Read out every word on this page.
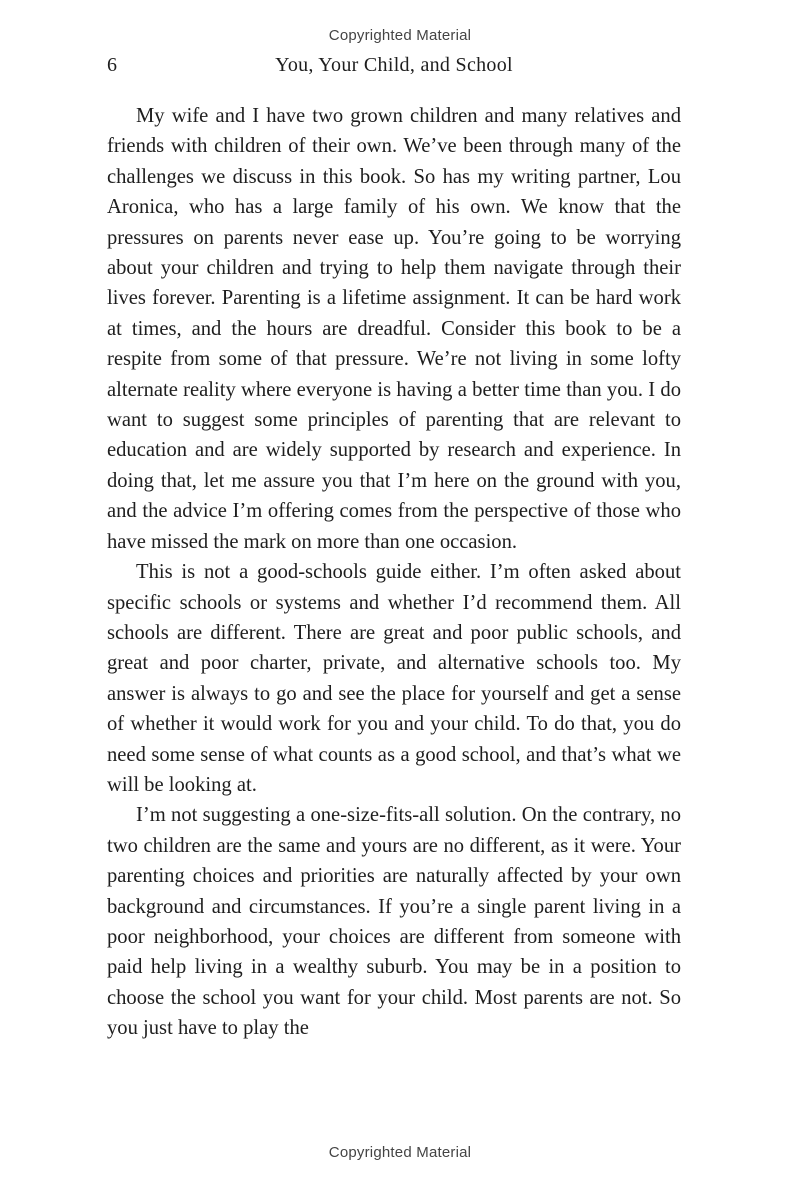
Copyrighted Material
6	You, Your Child, and School

My wife and I have two grown children and many relatives and friends with children of their own. We’ve been through many of the challenges we discuss in this book. So has my writing partner, Lou Aronica, who has a large family of his own. We know that the pressures on parents never ease up. You’re going to be worrying about your children and trying to help them navigate through their lives forever. Parenting is a lifetime assignment. It can be hard work at times, and the hours are dreadful. Consider this book to be a respite from some of that pressure. We’re not living in some lofty alternate reality where everyone is having a better time than you. I do want to suggest some principles of parenting that are relevant to education and are widely supported by research and experience. In doing that, let me assure you that I’m here on the ground with you, and the advice I’m offering comes from the perspective of those who have missed the mark on more than one occasion.

This is not a good-schools guide either. I’m often asked about specific schools or systems and whether I’d recommend them. All schools are different. There are great and poor public schools, and great and poor charter, private, and alternative schools too. My answer is always to go and see the place for yourself and get a sense of whether it would work for you and your child. To do that, you do need some sense of what counts as a good school, and that’s what we will be looking at.

I’m not suggesting a one-size-fits-all solution. On the contrary, no two children are the same and yours are no different, as it were. Your parenting choices and priorities are naturally affected by your own background and circumstances. If you’re a single parent living in a poor neighborhood, your choices are different from someone with paid help living in a wealthy suburb. You may be in a position to choose the school you want for your child. Most parents are not. So you just have to play the

Copyrighted Material
